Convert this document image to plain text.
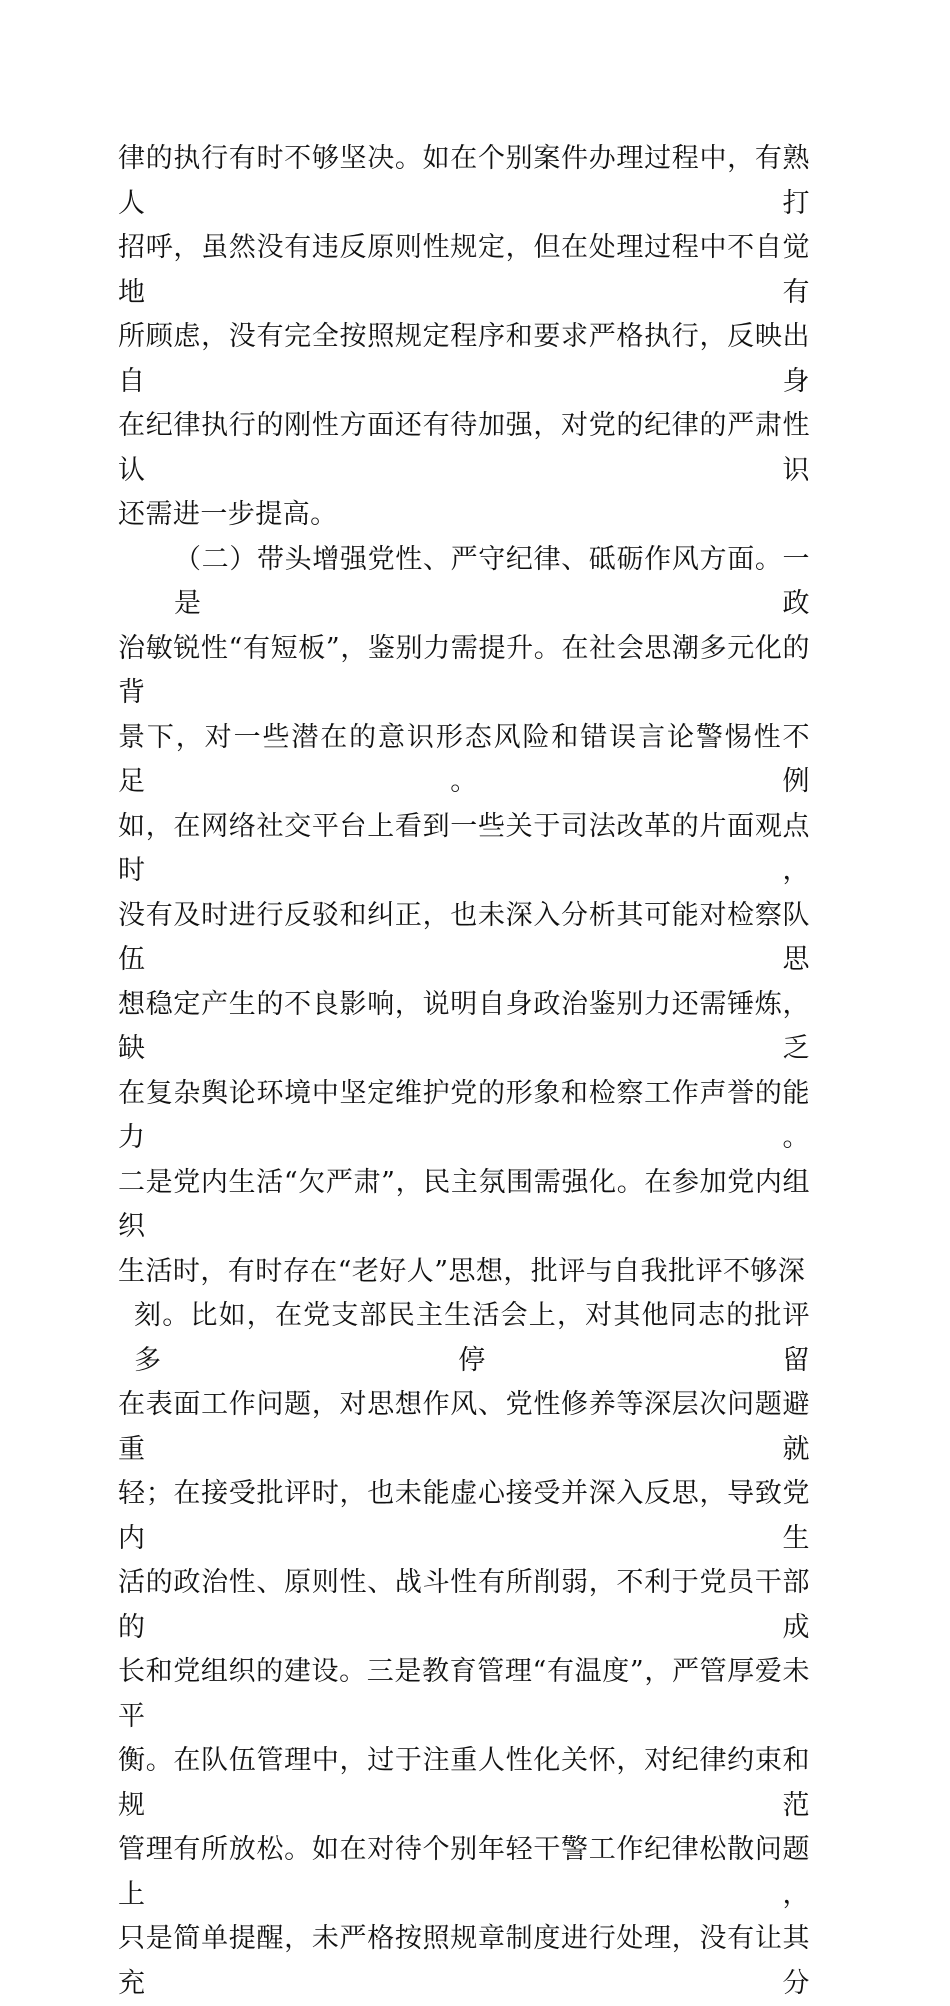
律的执行有时不够坚决。如在个别案件办理过程中，有熟人打

招呼，虽然没有违反原则性规定，但在处理过程中不自觉地有

所顾虑，没有完全按照规定程序和要求严格执行，反映出自身

在纪律执行的刚性方面还有待加强，对党的纪律的严肃性认识

还需进一步提高。

（二）带头增强党性、严守纪律、砥砺作风方面。一是政

治敏锐性“有短板”，鉴别力需提升。在社会思潮多元化的背

景下，对一些潜在的意识形态风险和错误言论警惕性不足。例

如，在网络社交平台上看到一些关于司法改革的片面观点时，

没有及时进行反驳和纠正，也未深入分析其可能对检察队伍思

想稳定产生的不良影响，说明自身政治鉴别力还需锤炼，缺乏

在复杂舆论环境中坚定维护党的形象和检察工作声誉的能力。

二是党内生活“欠严肃”，民主氛围需强化。在参加党内组织

生活时，有时存在“老好人”思想，批评与自我批评不够深

刻。比如，在党支部民主生活会上，对其他同志的批评多停留

在表面工作问题，对思想作风、党性修养等深层次问题避重就

轻；在接受批评时，也未能虚心接受并深入反思，导致党内生

活的政治性、原则性、战斗性有所削弱，不利于党员干部的成

长和党组织的建设。三是教育管理“有温度”，严管厚爱未平

衡。在队伍管理中，过于注重人性化关怀，对纪律约束和规范

管理有所放松。如在对待个别年轻干警工作纪律松散问题上，

只是简单提醒，未严格按照规章制度进行处理，没有让其充分
